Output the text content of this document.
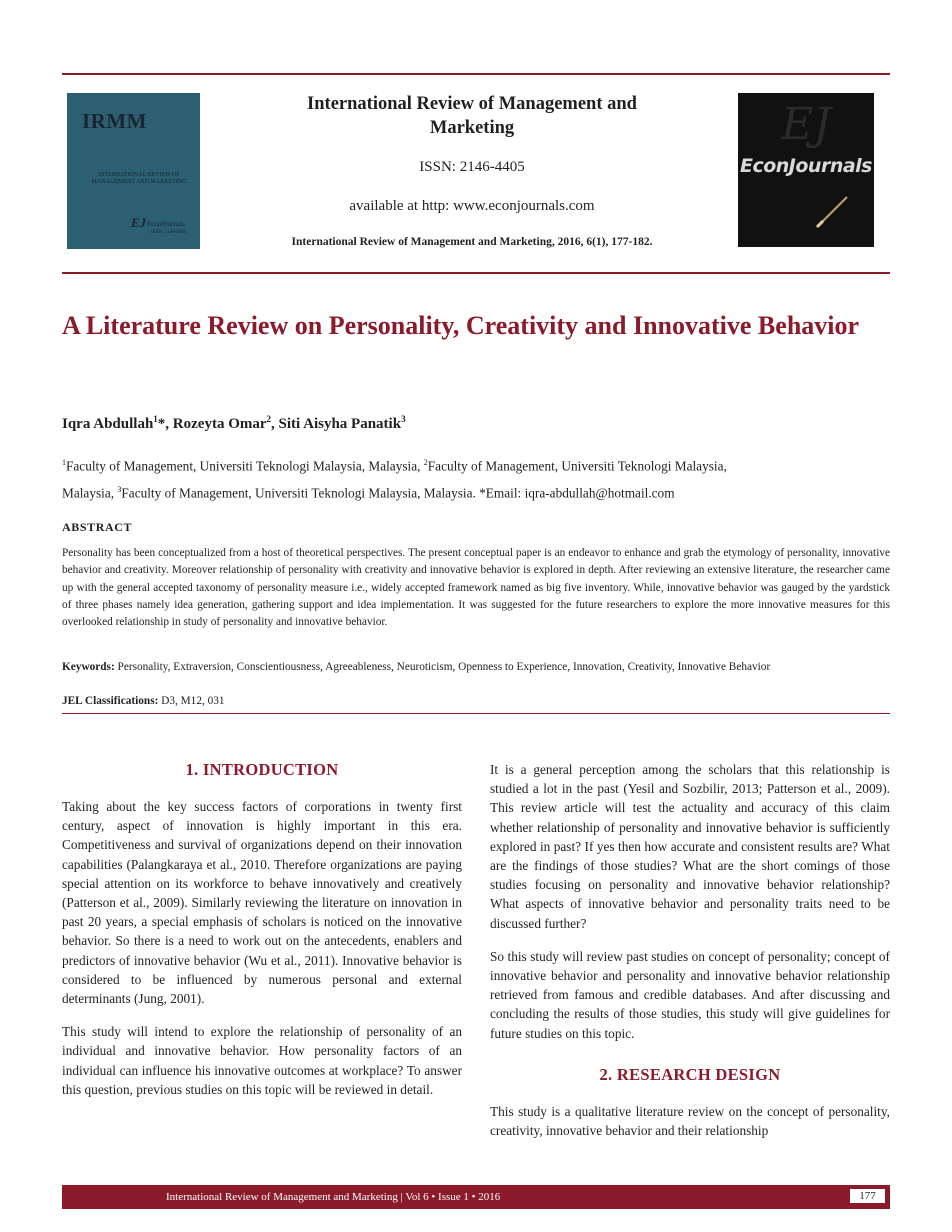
IRMM
INTERNATIONAL REVIEW OF MANAGEMENT AND MARKETING
EJ EconJournals
ISSN: 2146-4405
International Review of Management and Marketing
ISSN: 2146-4405
available at http: www.econjournals.com
International Review of Management and Marketing, 2016, 6(1), 177-182.
EJ
EconJournals
A Literature Review on Personality, Creativity and Innovative Behavior
Iqra Abdullah$^1$*, Rozeyta Omar$^2$, Siti Aisyha Panatik$^3$
$^1$Faculty of Management, Universiti Teknologi Malaysia, Malaysia, $^2$Faculty of Management, Universiti Teknologi Malaysia,
Malaysia, $^3$Faculty of Management, Universiti Teknologi Malaysia, Malaysia. *Email: iqra-abdullah@hotmail.com
ABSTRACT
Personality has been conceptualized from a host of theoretical perspectives. The present conceptual paper is an endeavor to enhance and grab the etymology of personality, innovative behavior and creativity. Moreover relationship of personality with creativity and innovative behavior is explored in depth. After reviewing an extensive literature, the researcher came up with the general accepted taxonomy of personality measure i.e., widely accepted framework named as big five inventory. While, innovative behavior was gauged by the yardstick of three phases namely idea generation, gathering support and idea implementation. It was suggested for the future researchers to explore the more innovative measures for this overlooked relationship in study of personality and innovative behavior.
Keywords: Personality, Extraversion, Conscientiousness, Agreeableness, Neuroticism, Openness to Experience, Innovation, Creativity, Innovative Behavior
JEL Classifications: D3, M12, 031
1. INTRODUCTION

Taking about the key success factors of corporations in twenty first century, aspect of innovation is highly important in this era. Competitiveness and survival of organizations depend on their innovation capabilities (Palangkaraya et al., 2010. Therefore organizations are paying special attention on its workforce to behave innovatively and creatively (Patterson et al., 2009). Similarly reviewing the literature on innovation in past 20 years, a special emphasis of scholars is noticed on the innovative behavior. So there is a need to work out on the antecedents, enablers and predictors of innovative behavior (Wu et al., 2011). Innovative behavior is considered to be influenced by numerous personal and external determinants (Jung, 2001).

This study will intend to explore the relationship of personality of an individual and innovative behavior. How personality factors of an individual can influence his innovative outcomes at workplace? To answer this question, previous studies on this topic will be reviewed in detail.

It is a general perception among the scholars that this relationship is studied a lot in the past (Yesil and Sozbilir, 2013; Patterson et al., 2009). This review article will test the actuality and accuracy of this claim whether relationship of personality and innovative behavior is sufficiently explored in past? If yes then how accurate and consistent results are? What are the findings of those studies? What are the short comings of those studies focusing on personality and innovative behavior relationship? What aspects of innovative behavior and personality traits need to be discussed further?

So this study will review past studies on concept of personality; concept of innovative behavior and personality and innovative behavior relationship retrieved from famous and credible databases. And after discussing and concluding the results of those studies, this study will give guidelines for future studies on this topic.

2. RESEARCH DESIGN

This study is a qualitative literature review on the concept of personality, creativity, innovative behavior and their relationship

International Review of Management and Marketing | Vol 6 • Issue 1 • 2016	177
